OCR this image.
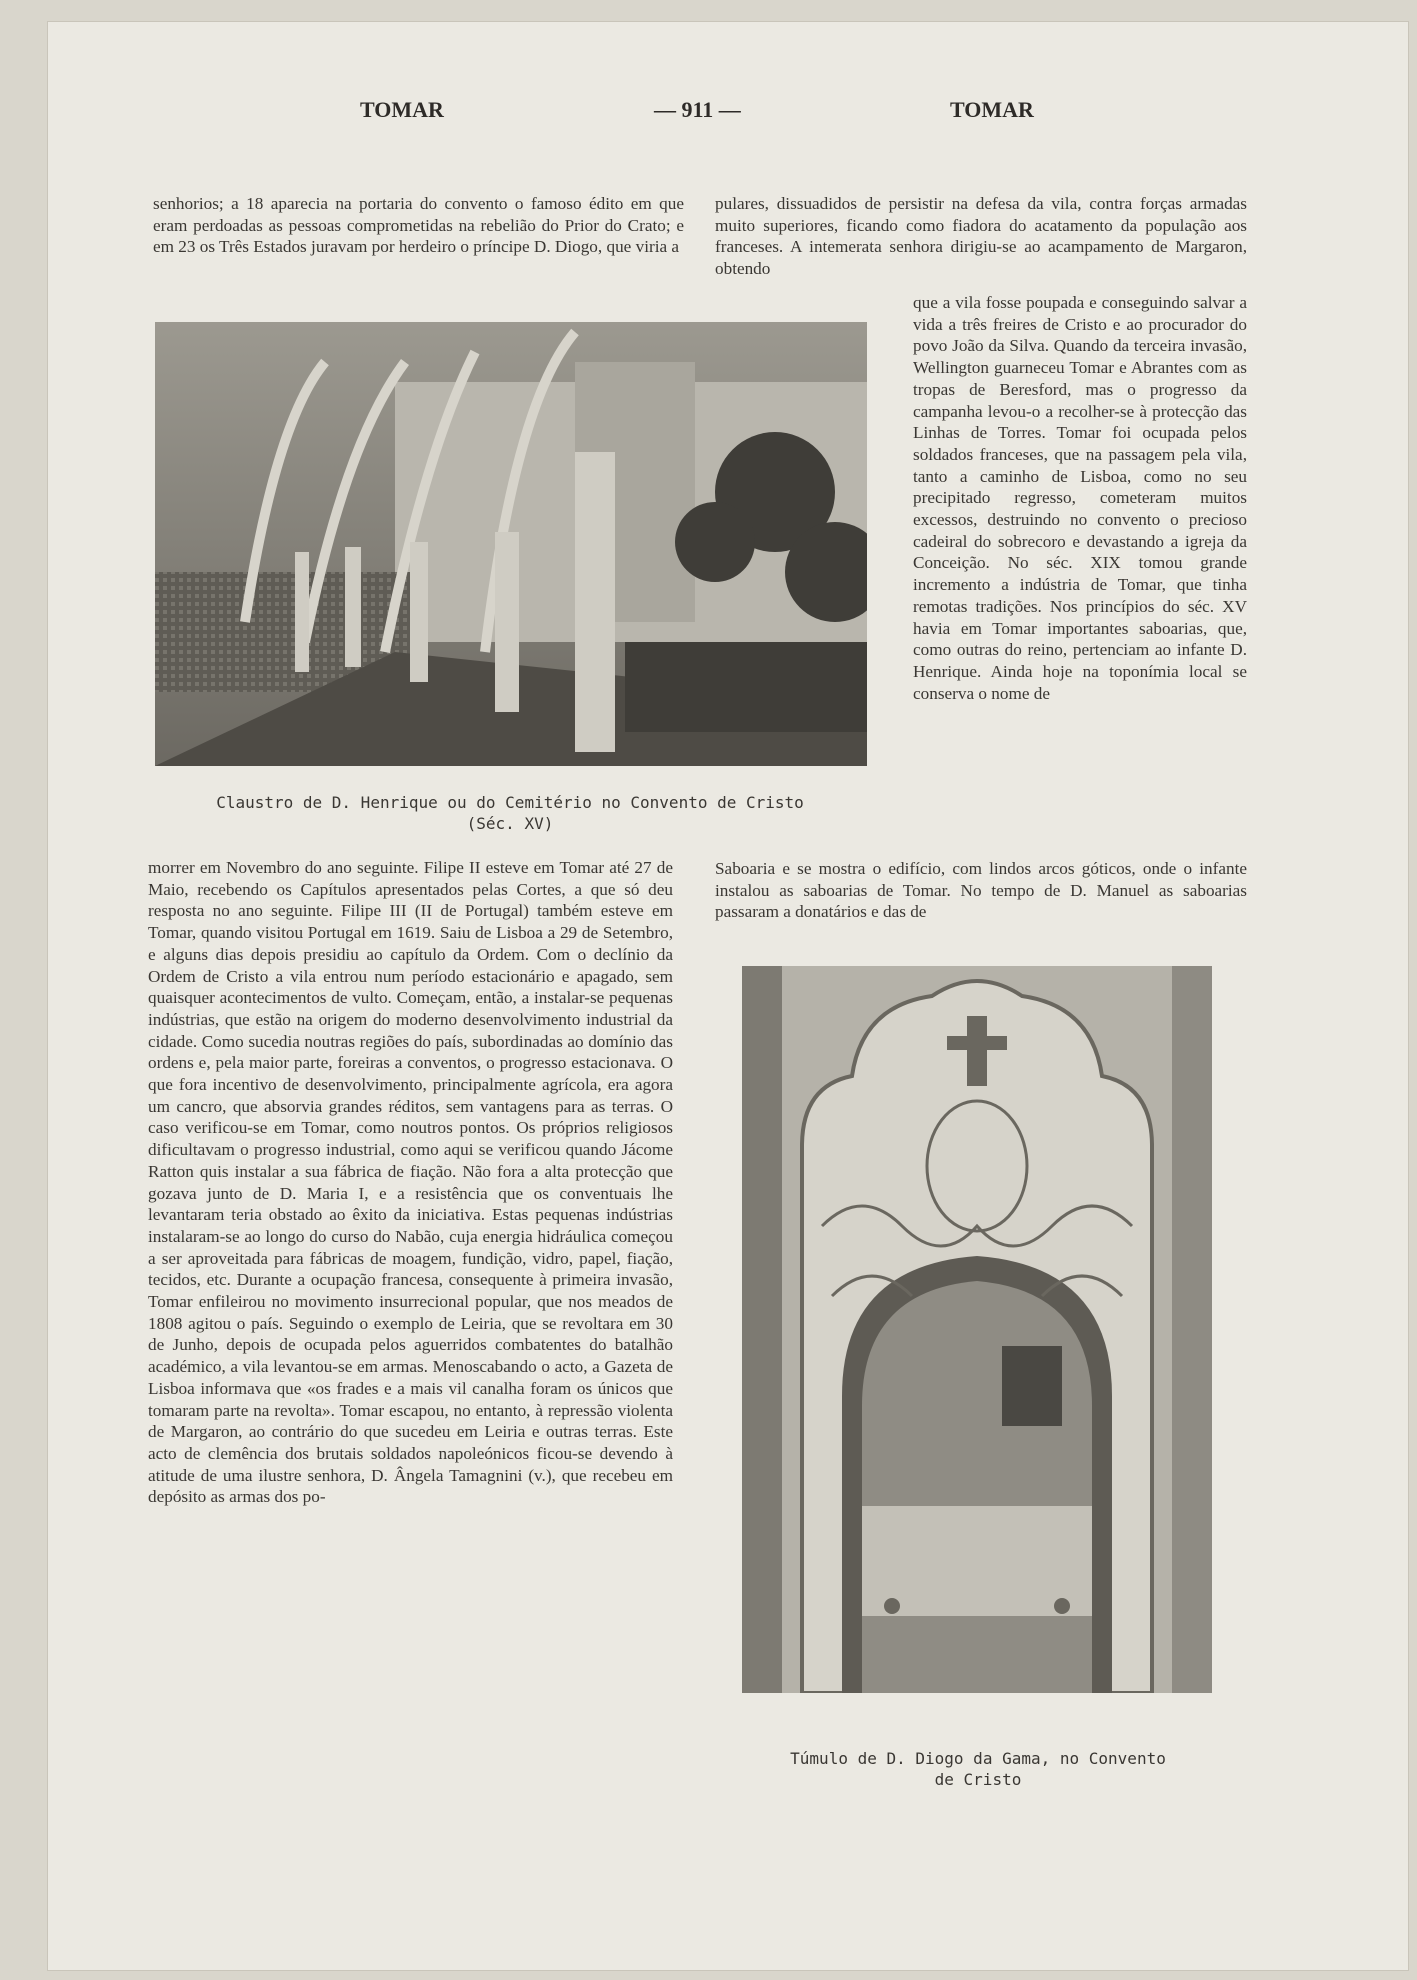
TOMAR	— 911 —	TOMAR

senhorios; a 18 aparecia na portaria do convento o famoso édito em que eram perdoadas as pessoas comprometidas na rebelião do Prior do Crato; e em 23 os Três Estados juravam por herdeiro o príncipe D. Diogo, que viria a

pulares, dissuadidos de persistir na defesa da vila, contra forças armadas muito superiores, ficando como fiadora do acatamento da população aos franceses. A intemerata senhora dirigiu-se ao acampamento de Margaron, obtendo

que a vila fosse poupada e conseguindo salvar a vida a três freires de Cristo e ao procurador do povo João da Silva. Quando da terceira invasão, Wellington guarneceu Tomar e Abrantes com as tropas de Beresford, mas o progresso da campanha levou-o a recolher-se à protecção das Linhas de Torres. Tomar foi ocupada pelos soldados franceses, que na passagem pela vila, tanto a caminho de Lisboa, como no seu precipitado regresso, cometeram muitos excessos, destruindo no convento o precioso cadeiral do sobrecoro e devastando a igreja da Conceição. No séc. XIX tomou grande incremento a indústria de Tomar, que tinha remotas tradições. Nos princípios do séc. XV havia em Tomar importantes saboarias, que, como outras do reino, pertenciam ao infante D. Henrique. Ainda hoje na toponímia local se conserva o nome de

Saboaria e se mostra o edifício, com lindos arcos góticos, onde o infante instalou as saboarias de Tomar. No tempo de D. Manuel as saboarias passaram a donatários e das de

morrer em Novembro do ano seguinte. Filipe II esteve em Tomar até 27 de Maio, recebendo os Capítulos apresentados pelas Cortes, a que só deu resposta no ano seguinte. Filipe III (II de Portugal) também esteve em Tomar, quando visitou Portugal em 1619. Saiu de Lisboa a 29 de Setembro, e alguns dias depois presidiu ao capítulo da Ordem. Com o declínio da Ordem de Cristo a vila entrou num período estacionário e apagado, sem quaisquer acontecimentos de vulto. Começam, então, a instalar-se pequenas indústrias, que estão na origem do moderno desenvolvimento industrial da cidade. Como sucedia noutras regiões do país, subordinadas ao domínio das ordens e, pela maior parte, foreiras a conventos, o progresso estacionava. O que fora incentivo de desenvolvimento, principalmente agrícola, era agora um cancro, que absorvia grandes réditos, sem vantagens para as terras. O caso verificou-se em Tomar, como noutros pontos. Os próprios religiosos dificultavam o progresso industrial, como aqui se verificou quando Jácome Ratton quis instalar a sua fábrica de fiação. Não fora a alta protecção que gozava junto de D. Maria I, e a resistência que os conventuais lhe levantaram teria obstado ao êxito da iniciativa. Estas pequenas indústrias instalaram-se ao longo do curso do Nabão, cuja energia hidráulica começou a ser aproveitada para fábricas de moagem, fundição, vidro, papel, fiação, tecidos, etc. Durante a ocupação francesa, consequente à primeira invasão, Tomar enfileirou no movimento insurrecional popular, que nos meados de 1808 agitou o país. Seguindo o exemplo de Leiria, que se revoltara em 30 de Junho, depois de ocupada pelos aguerridos combatentes do batalhão académico, a vila levantou-se em armas. Menoscabando o acto, a Gazeta de Lisboa informava que «os frades e a mais vil canalha foram os únicos que tomaram parte na revolta». Tomar escapou, no entanto, à repressão violenta de Margaron, ao contrário do que sucedeu em Leiria e outras terras. Este acto de clemência dos brutais soldados napoleónicos ficou-se devendo à atitude de uma ilustre senhora, D. Ângela Tamagnini (v.), que recebeu em depósito as armas dos po-

Claustro de D. Henrique ou do Cemitério no Convento de Cristo
(Séc. XV)
Túmulo de D. Diogo da Gama, no Convento
de Cristo
